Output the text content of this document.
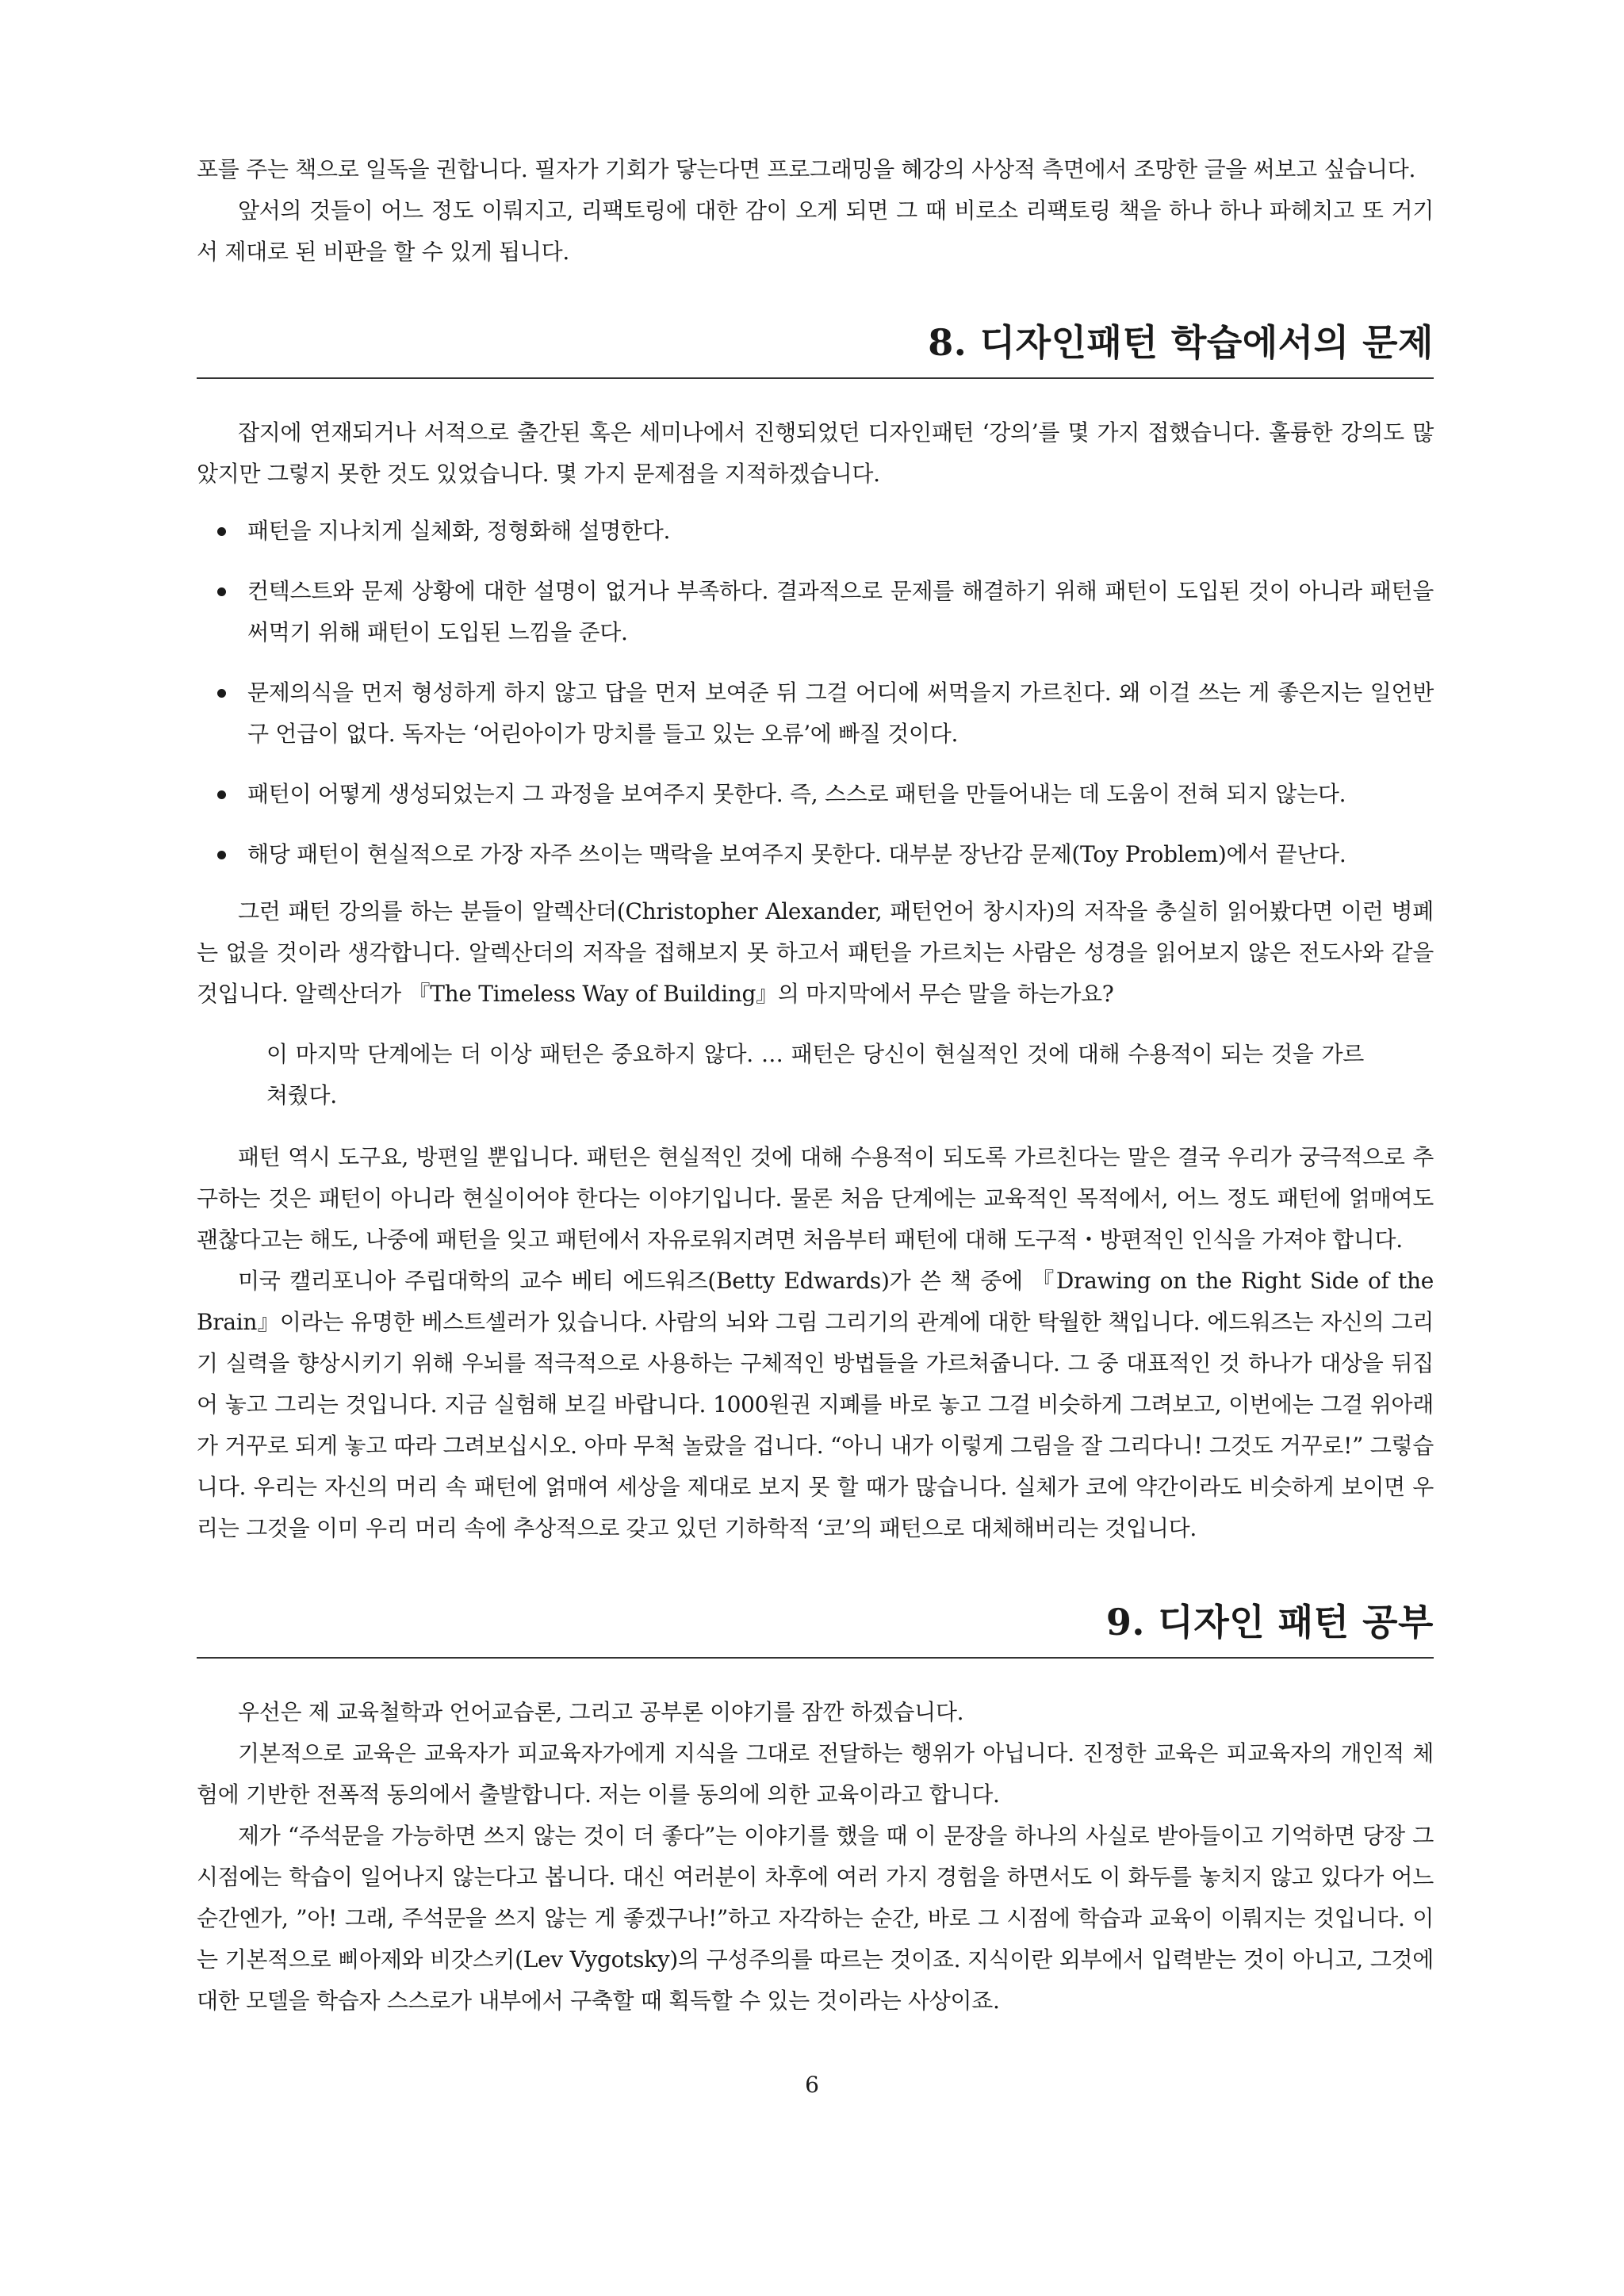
포를 주는 책으로 일독을 권합니다. 필자가 기회가 닿는다면 프로그래밍을 혜강의 사상적 측면에서 조망한 글을 써보고 싶습니다.

앞서의 것들이 어느 정도 이뤄지고, 리팩토링에 대한 감이 오게 되면 그 때 비로소 리팩토링 책을 하나 하나 파헤치고 또 거기서 제대로 된 비판을 할 수 있게 됩니다.

8. 디자인패턴 학습에서의 문제

잡지에 연재되거나 서적으로 출간된 혹은 세미나에서 진행되었던 디자인패턴 ‘강의’를 몇 가지 접했습니다. 훌륭한 강의도 많았지만 그렇지 못한 것도 있었습니다. 몇 가지 문제점을 지적하겠습니다.

패턴을 지나치게 실체화, 정형화해 설명한다.
컨텍스트와 문제 상황에 대한 설명이 없거나 부족하다. 결과적으로 문제를 해결하기 위해 패턴이 도입된 것이 아니라 패턴을 써먹기 위해 패턴이 도입된 느낌을 준다.
문제의식을 먼저 형성하게 하지 않고 답을 먼저 보여준 뒤 그걸 어디에 써먹을지 가르친다. 왜 이걸 쓰는 게 좋은지는 일언반구 언급이 없다. 독자는 ‘어린아이가 망치를 들고 있는 오류’에 빠질 것이다.
패턴이 어떻게 생성되었는지 그 과정을 보여주지 못한다. 즉, 스스로 패턴을 만들어내는 데 도움이 전혀 되지 않는다.
해당 패턴이 현실적으로 가장 자주 쓰이는 맥락을 보여주지 못한다. 대부분 장난감 문제(Toy Problem)에서 끝난다.

그런 패턴 강의를 하는 분들이 알렉산더(Christopher Alexander, 패턴언어 창시자)의 저작을 충실히 읽어봤다면 이런 병폐는 없을 것이라 생각합니다. 알렉산더의 저작을 접해보지 못 하고서 패턴을 가르치는 사람은 성경을 읽어보지 않은 전도사와 같을 것입니다. 알렉산더가 『The Timeless Way of Building』의 마지막에서 무슨 말을 하는가요?

이 마지막 단계에는 더 이상 패턴은 중요하지 않다. … 패턴은 당신이 현실적인 것에 대해 수용적이 되는 것을 가르쳐줬다.

패턴 역시 도구요, 방편일 뿐입니다. 패턴은 현실적인 것에 대해 수용적이 되도록 가르친다는 말은 결국 우리가 궁극적으로 추구하는 것은 패턴이 아니라 현실이어야 한다는 이야기입니다. 물론 처음 단계에는 교육적인 목적에서, 어느 정도 패턴에 얽매여도 괜찮다고는 해도, 나중에 패턴을 잊고 패턴에서 자유로워지려면 처음부터 패턴에 대해 도구적・방편적인 인식을 가져야 합니다.

미국 캘리포니아 주립대학의 교수 베티 에드워즈(Betty Edwards)가 쓴 책 중에 『Drawing on the Right Side of the Brain』이라는 유명한 베스트셀러가 있습니다. 사람의 뇌와 그림 그리기의 관계에 대한 탁월한 책입니다. 에드워즈는 자신의 그리기 실력을 향상시키기 위해 우뇌를 적극적으로 사용하는 구체적인 방법들을 가르쳐줍니다. 그 중 대표적인 것 하나가 대상을 뒤집어 놓고 그리는 것입니다. 지금 실험해 보길 바랍니다. 1000원권 지폐를 바로 놓고 그걸 비슷하게 그려보고, 이번에는 그걸 위아래가 거꾸로 되게 놓고 따라 그려보십시오. 아마 무척 놀랐을 겁니다. “아니 내가 이렇게 그림을 잘 그리다니! 그것도 거꾸로!” 그렇습니다. 우리는 자신의 머리 속 패턴에 얽매여 세상을 제대로 보지 못 할 때가 많습니다. 실체가 코에 약간이라도 비슷하게 보이면 우리는 그것을 이미 우리 머리 속에 추상적으로 갖고 있던 기하학적 ‘코’의 패턴으로 대체해버리는 것입니다.

9. 디자인 패턴 공부

우선은 제 교육철학과 언어교습론, 그리고 공부론 이야기를 잠깐 하겠습니다.

기본적으로 교육은 교육자가 피교육자가에게 지식을 그대로 전달하는 행위가 아닙니다. 진정한 교육은 피교육자의 개인적 체험에 기반한 전폭적 동의에서 출발합니다. 저는 이를 동의에 의한 교육이라고 합니다.

제가 “주석문을 가능하면 쓰지 않는 것이 더 좋다”는 이야기를 했을 때 이 문장을 하나의 사실로 받아들이고 기억하면 당장 그 시점에는 학습이 일어나지 않는다고 봅니다. 대신 여러분이 차후에 여러 가지 경험을 하면서도 이 화두를 놓치지 않고 있다가 어느 순간엔가, ”아! 그래, 주석문을 쓰지 않는 게 좋겠구나!”하고 자각하는 순간, 바로 그 시점에 학습과 교육이 이뤄지는 것입니다. 이는 기본적으로 삐아제와 비갓스키(Lev Vygotsky)의 구성주의를 따르는 것이죠. 지식이란 외부에서 입력받는 것이 아니고, 그것에 대한 모델을 학습자 스스로가 내부에서 구축할 때 획득할 수 있는 것이라는 사상이죠.

6
